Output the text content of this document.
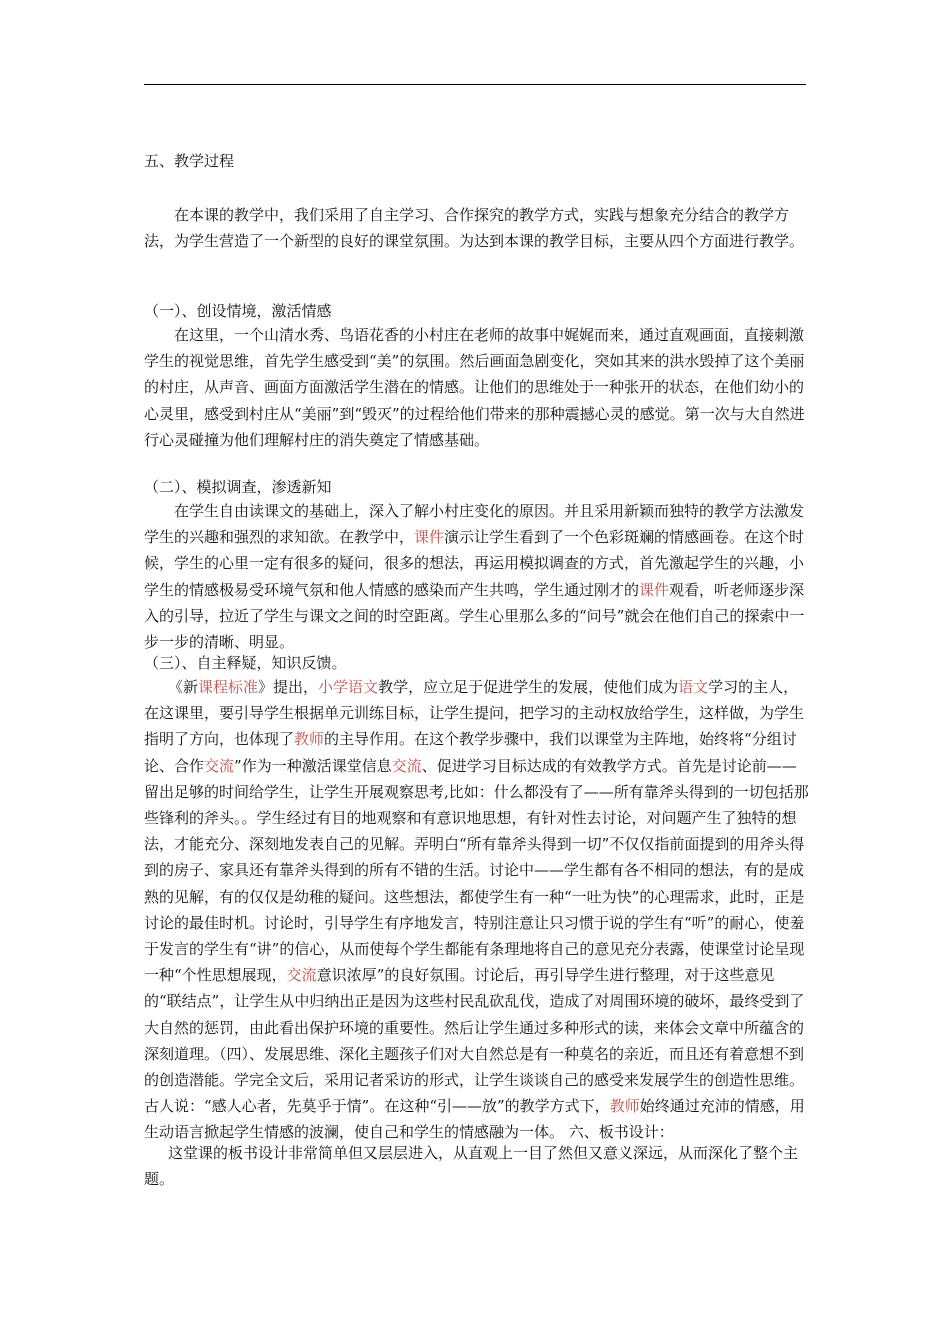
五、教学过程
在本课的教学中，我们采用了自主学习、合作探究的教学方式，实践与想象充分结合的教学方法，为学生营造了一个新型的良好的课堂氛围。为达到本课的教学目标，主要从四个方面进行教学。
（一）、创设情境，激活情感
在这里，一个山清水秀、鸟语花香的小村庄在老师的故事中娓娓而来，通过直观画面，直接刺激学生的视觉思维，首先学生感受到“美”的氛围。然后画面急剧变化，突如其来的洪水毁掉了这个美丽的村庄，从声音、画面方面激活学生潜在的情感。让他们的思维处于一种张开的状态，在他们幼小的心灵里，感受到村庄从“美丽”到“毁灭”的过程给他们带来的那种震撼心灵的感觉。第一次与大自然进行心灵碰撞为他们理解村庄的消失奠定了情感基础。
（二）、模拟调查，渗透新知
在学生自由读课文的基础上，深入了解小村庄变化的原因。并且采用新颖而独特的教学方法激发学生的兴趣和强烈的求知欲。在教学中，课件演示让学生看到了一个色彩斑斓的情感画卷。在这个时候，学生的心里一定有很多的疑问，很多的想法，再运用模拟调查的方式，首先激起学生的兴趣，小学生的情感极易受环境气氛和他人情感的感染而产生共鸣，学生通过刚才的课件观看，听老师逐步深入的引导，拉近了学生与课文之间的时空距离。学生心里那么多的“问号”就会在他们自己的探索中一步一步的清晰、明显。
（三）、自主释疑，知识反馈。
《新课程标准》提出，小学语文教学，应立足于促进学生的发展，使他们成为语文学习的主人，在这课里，要引导学生根据单元训练目标，让学生提问，把学习的主动权放给学生，这样做，为学生指明了方向，也体现了教师的主导作用。在这个教学步骤中，我们以课堂为主阵地，始终将“分组讨论、合作交流”作为一种激活课堂信息交流、促进学习目标达成的有效教学方式。首先是讨论前——留出足够的时间给学生，让学生开展观察思考,比如：什么都没有了——所有靠斧头得到的一切包括那些锋利的斧头。。学生经过有目的地观察和有意识地思想，有针对性去讨论，对问题产生了独特的想法，才能充分、深刻地发表自己的见解。弄明白“所有靠斧头得到一切”不仅仅指前面提到的用斧头得到的房子、家具还有靠斧头得到的所有不错的生活。讨论中——学生都有各不相同的想法，有的是成熟的见解，有的仅仅是幼稚的疑问。这些想法，都使学生有一种“一吐为快”的心理需求，此时，正是讨论的最佳时机。讨论时，引导学生有序地发言，特别注意让只习惯于说的学生有“听”的耐心，使羞于发言的学生有“讲”的信心，从而使每个学生都能有条理地将自己的意见充分表露，使课堂讨论呈现一种“个性思想展现，交流意识浓厚”的良好氛围。讨论后，再引导学生进行整理，对于这些意见的“联结点”，让学生从中归纳出正是因为这些村民乱砍乱伐，造成了对周围环境的破坏，最终受到了大自然的惩罚，由此看出保护环境的重要性。然后让学生通过多种形式的读，来体会文章中所蕴含的深刻道理。（四）、发展思维、深化主题孩子们对大自然总是有一种莫名的亲近，而且还有着意想不到的创造潜能。学完全文后，采用记者采访的形式，让学生谈谈自己的感受来发展学生的创造性思维。古人说：“感人心者，先莫乎于情”。在这种“引——放”的教学方式下，教师始终通过充沛的情感，用生动语言掀起学生情感的波澜，使自己和学生的情感融为一体。 六、板书设计：
这堂课的板书设计非常简单但又层层进入，从直观上一目了然但又意义深远，从而深化了整个主题。
